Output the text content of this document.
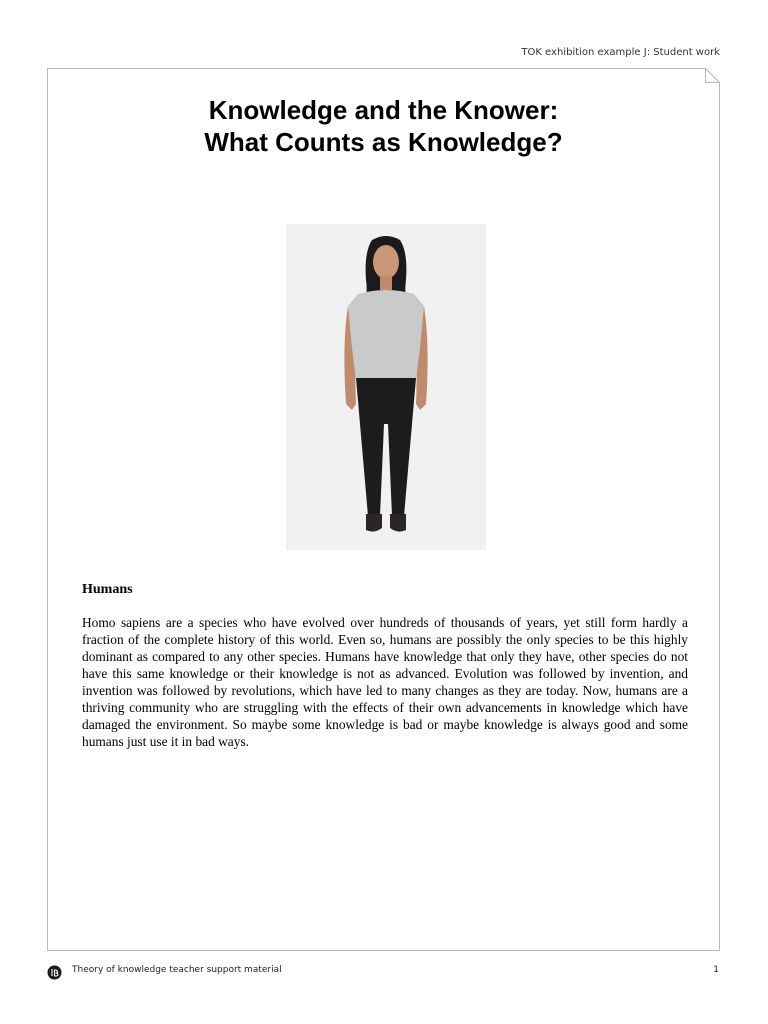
TOK exhibition example J: Student work
Knowledge and the Knower:
What Counts as Knowledge?
Humans

Homo sapiens are a species who have evolved over hundreds of thousands of years, yet still form hardly a fraction of the complete history of this world. Even so, humans are possibly the only species to be this highly dominant as compared to any other species. Humans have knowledge that only they have, other species do not have this same knowledge or their knowledge is not as advanced. Evolution was followed by invention, and invention was followed by revolutions, which have led to many changes as they are today. Now, humans are a thriving community who are struggling with the effects of their own advancements in knowledge which have damaged the environment. So maybe some knowledge is bad or maybe knowledge is always good and some humans just use it in bad ways.

Theory of knowledge teacher support material	1
